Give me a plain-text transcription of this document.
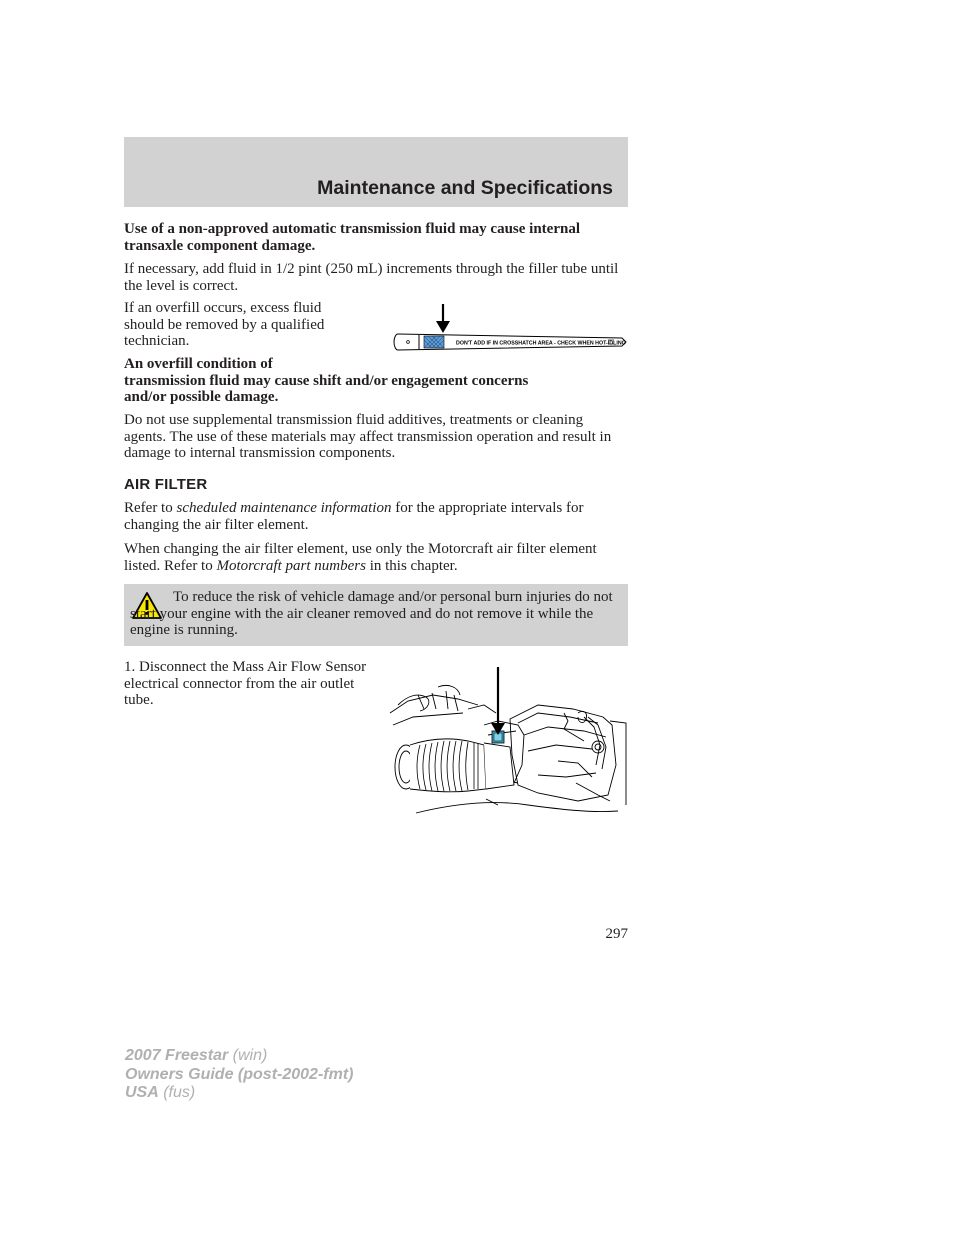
Maintenance and Specifications
Use of a non-approved automatic transmission fluid may cause internal transaxle component damage.
If necessary, add fluid in 1/2 pint (250 mL) increments through the filler tube until the level is correct.
If an overfill occurs, excess fluid should be removed by a qualified technician.	DON'T ADD IF IN CROSSHATCH AREA - CHECK WHEN HOT-IDLING
An overfill condition of
transmission fluid may cause shift and/or engagement concerns
and/or possible damage.
Do not use supplemental transmission fluid additives, treatments or cleaning agents. The use of these materials may affect transmission operation and result in damage to internal transmission components.
AIR FILTER
Refer to scheduled maintenance information for the appropriate intervals for changing the air filter element.
When changing the air filter element, use only the Motorcraft air filter element listed. Refer to Motorcraft part numbers in this chapter.
To reduce the risk of vehicle damage and/or personal burn injuries do not start your engine with the air cleaner removed and do not remove it while the engine is running.
1. Disconnect the Mass Air Flow Sensor electrical connector from the air outlet tube.
297
2007 Freestar (win)
Owners Guide (post-2002-fmt)
USA (fus)
